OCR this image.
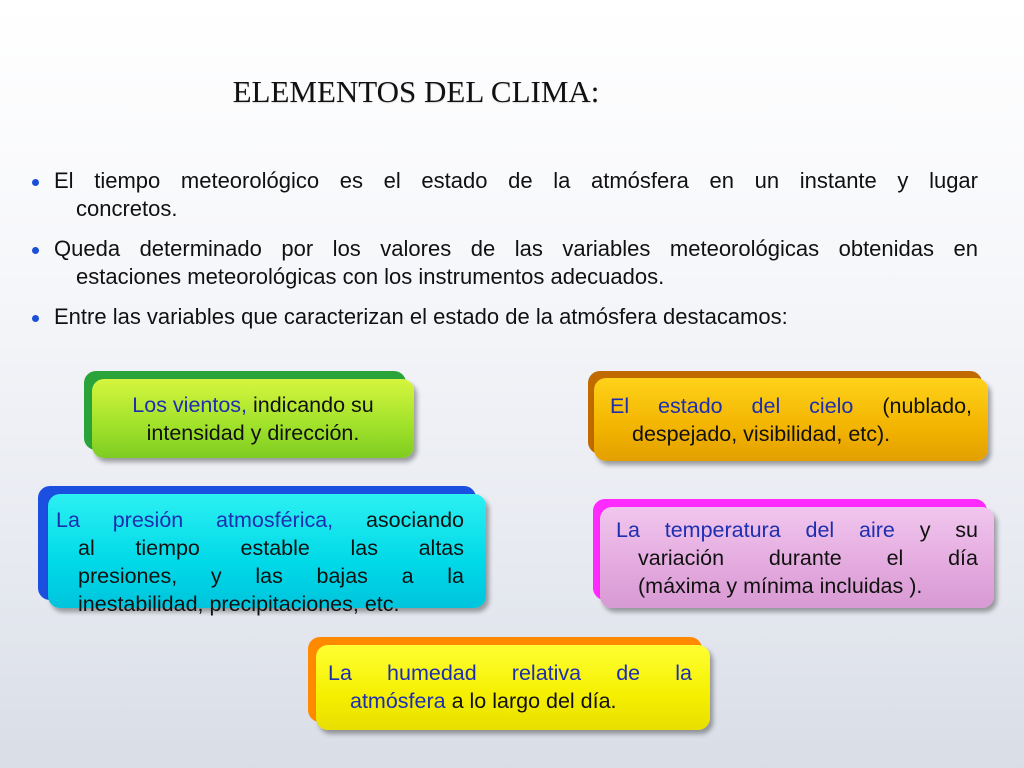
ELEMENTOS DEL CLIMA:
El tiempo meteorológico es el estado de la atmósfera en un instante y lugar
concretos.
Queda determinado por los valores de las variables meteorológicas obtenidas en
estaciones meteorológicas con los instrumentos adecuados.
Entre las variables que caracterizan el estado de la atmósfera destacamos:
Los vientos, indicando su
intensidad y dirección.
El estado del cielo (nublado,
despejado, visibilidad, etc).
La presión atmosférica, asociando
al tiempo estable las altas
presiones, y las bajas a la
inestabilidad, precipitaciones, etc.
La temperatura del aire y su
variación durante el día
(máxima y mínima incluidas ).
La humedad relativa de la
atmósfera a lo largo del día.
